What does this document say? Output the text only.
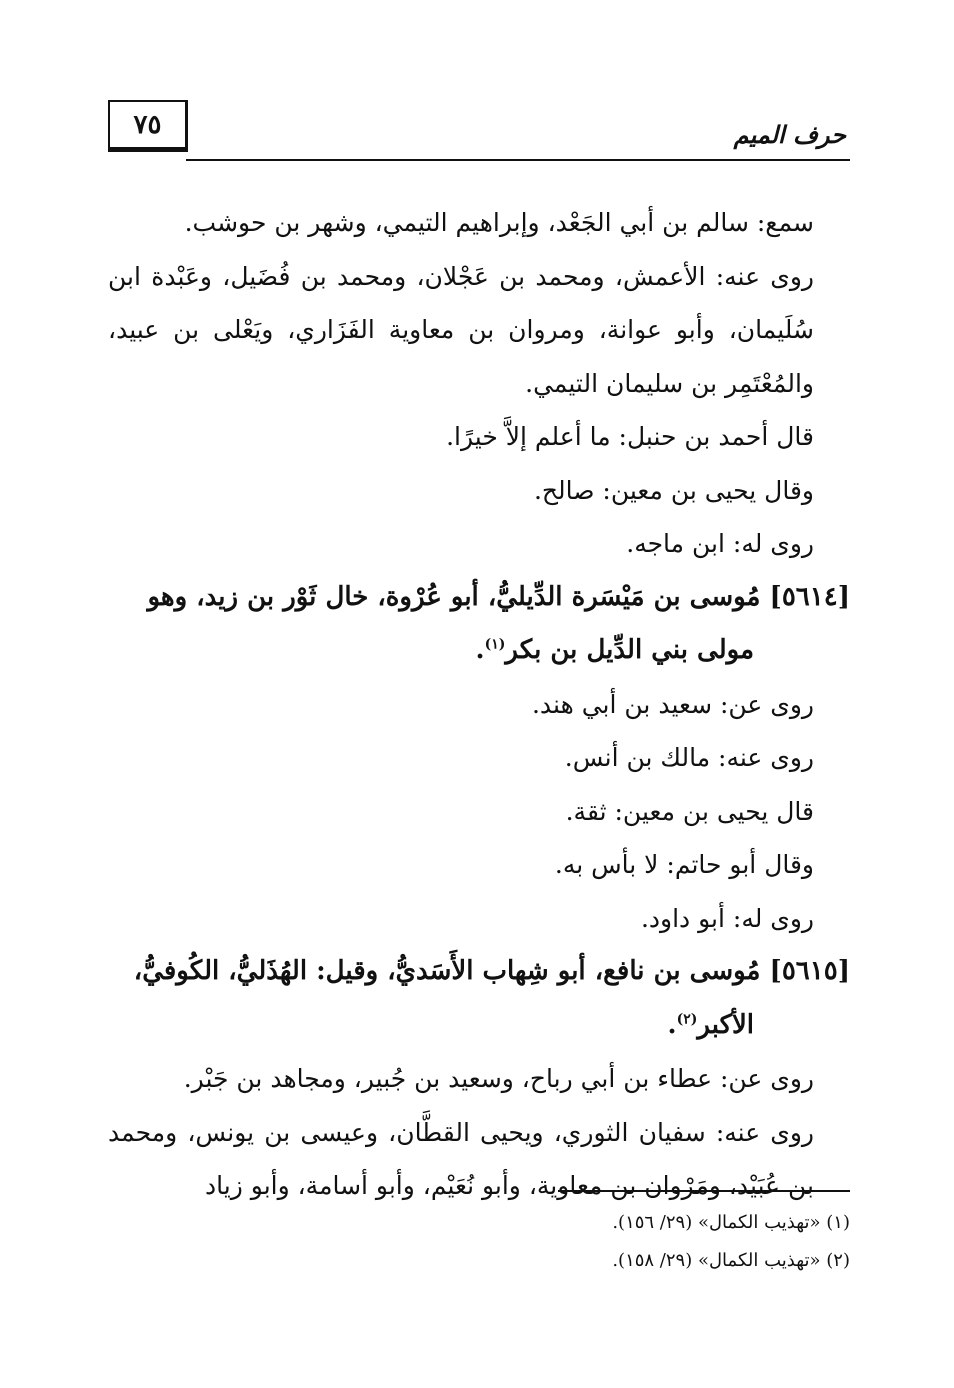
٧٥	حرف الميم

سمع: سالم بن أبي الجَعْد، وإبراهيم التيمي، وشهر بن حوشب.

روى عنه: الأعمش، ومحمد بن عَجْلان، ومحمد بن فُضَيل، وعَبْدة ابن سُلَيمان، وأبو عوانة، ومروان بن معاوية الفَزَاري، ويَعْلى بن عبيد، والمُعْتَمِر بن سليمان التيمي.

قال أحمد بن حنبل: ما أعلم إلاَّ خيرًا.

وقال يحيى بن معين: صالح.

روى له: ابن ماجه.

[٥٦١٤] مُوسى بن مَيْسَرة الدِّيليُّ، أبو عُرْوة، خال ثَوْر بن زيد، وهو
مولى بني الدِّيل بن بكر$^{(١)}$.

روى عن: سعيد بن أبي هند.

روى عنه: مالك بن أنس.

قال يحيى بن معين: ثقة.

وقال أبو حاتم: لا بأس به.

روى له: أبو داود.

[٥٦١٥] مُوسى بن نافع، أبو شِهاب الأَسَديُّ، وقيل: الهُذَليُّ، الكُوفيُّ،
الأكبر$^{(٢)}$.

روى عن: عطاء بن أبي رباح، وسعيد بن جُبير، ومجاهد بن جَبْر.

روى عنه: سفيان الثوري، ويحيى القطَّان، وعيسى بن يونس، ومحمد بن عُبَيْد، ومَرْوان بن معاوية، وأبو نُعَيْم، وأبو أسامة، وأبو زياد

(١) «تهذيب الكمال» (٢٩/ ١٥٦).

(٢) «تهذيب الكمال» (٢٩/ ١٥٨).
